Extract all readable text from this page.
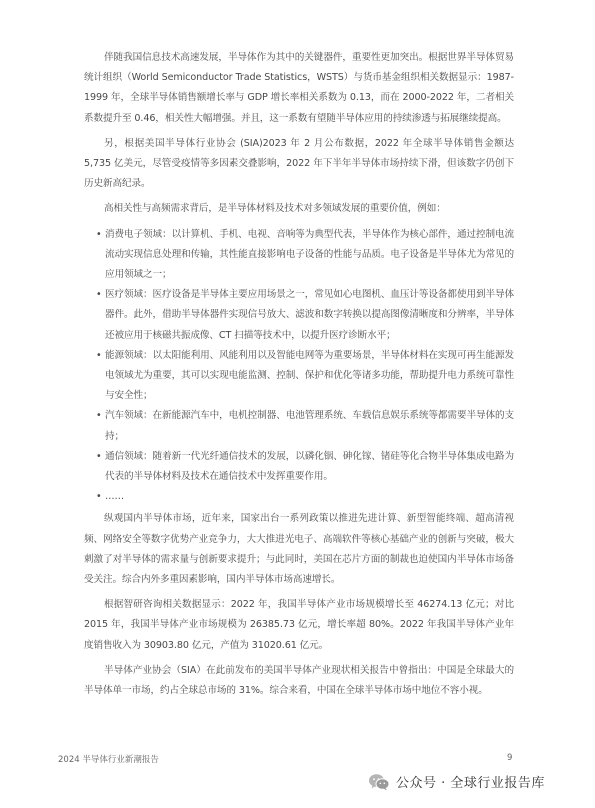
伴随我国信息技术高速发展，半导体作为其中的关键器件，重要性更加突出。根据世界半导体贸易统计组织（World Semiconductor Trade Statistics，WSTS）与货币基金组织相关数据显示：1987-1999 年，全球半导体销售额增长率与 GDP 增长率相关系数为 0.13，而在 2000-2022 年，二者相关系数提升至 0.46，相关性大幅增强。并且，这一系数有望随半导体应用的持续渗透与拓展继续提高。

另，根据美国半导体行业协会 (SIA)2023 年 2 月公布数据，2022 年全球半导体销售金额达 5,735 亿美元，尽管受疫情等多因素交叠影响，2022 年下半年半导体市场持续下滑，但该数字仍创下历史新高纪录。

高相关性与高频需求背后，是半导体材料及技术对多领域发展的重要价值，例如：

• 消费电子领域：以计算机、手机、电视、音响等为典型代表，半导体作为核心部件，通过控制电流流动实现信息处理和传输，其性能直接影响电子设备的性能与品质。电子设备是半导体尤为常见的应用领域之一；
• 医疗领域：医疗设备是半导体主要应用场景之一，常见如心电图机、血压计等设备都使用到半导体器件。此外，借助半导体器件实现信号放大、滤波和数字转换以提高图像清晰度和分辨率，半导体还被应用于核磁共振成像、CT 扫描等技术中，以提升医疗诊断水平；
• 能源领域：以太阳能利用、风能利用以及智能电网等为重要场景，半导体材料在实现可再生能源发电领域尤为重要，其可以实现电能监测、控制、保护和优化等诸多功能，帮助提升电力系统可靠性与安全性；
• 汽车领域：在新能源汽车中，电机控制器、电池管理系统、车载信息娱乐系统等都需要半导体的支持；
• 通信领域：随着新一代光纤通信技术的发展，以磷化铟、砷化镓、锗硅等化合物半导体集成电路为代表的半导体材料及技术在通信技术中发挥重要作用。
• ……

纵观国内半导体市场，近年来，国家出台一系列政策以推进先进计算、新型智能终端、超高清视频、网络安全等数字优势产业竞争力，大大推进光电子、高端软件等核心基础产业的创新与突破，极大刺激了对半导体的需求量与创新要求提升；与此同时，美国在芯片方面的制裁也迫使国内半导体市场备受关注。综合内外多重因素影响，国内半导体市场高速增长。

根据智研咨询相关数据显示：2022 年，我国半导体产业市场规模增长至 46274.13 亿元；对比 2015 年，我国半导体产业市场规模为 26385.73 亿元，增长率超 80%。2022 年我国半导体产业年度销售收入为 30903.80 亿元，产值为 31020.61 亿元。

半导体产业协会（SIA）在此前发布的美国半导体产业现状相关报告中曾指出：中国是全球最大的半导体单一市场，约占全球总市场的 31%。综合来看，中国在全球半导体市场中地位不容小视。

2024 半导体行业新潮报告	9
公众号 · 全球行业报告库
